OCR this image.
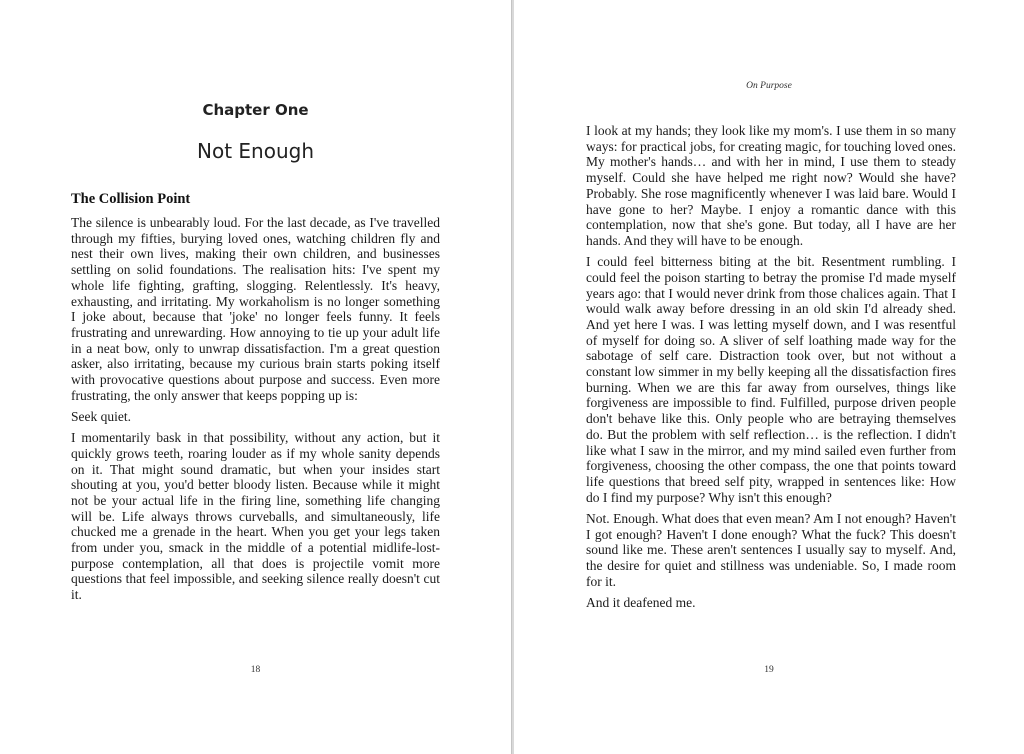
Chapter One
Not Enough
The Collision Point

The silence is unbearably loud. For the last decade, as I've travelled through my fifties, burying loved ones, watching children fly and nest their own lives, making their own children, and businesses settling on solid foundations. The realisation hits: I've spent my whole life fighting, grafting, slogging. Relentlessly. It's heavy, exhausting, and irritating. My workaholism is no longer something I joke about, because that 'joke' no longer feels funny. It feels frustrating and unrewarding. How annoying to tie up your adult life in a neat bow, only to unwrap dissatisfaction. I'm a great question asker, also irritating, because my curious brain starts poking itself with provocative questions about purpose and success. Even more frustrating, the only answer that keeps popping up is:

Seek quiet.

I momentarily bask in that possibility, without any action, but it quickly grows teeth, roaring louder as if my whole sanity depends on it. That might sound dramatic, but when your insides start shouting at you, you'd better bloody listen. Because while it might not be your actual life in the firing line, something life changing will be. Life always throws curveballs, and simultaneously, life chucked me a grenade in the heart. When you get your legs taken from under you, smack in the middle of a potential midlife-lost-purpose contemplation, all that does is projectile vomit more questions that feel impossible, and seeking silence really doesn't cut it.

18
On Purpose

I look at my hands; they look like my mom's. I use them in so many ways: for practical jobs, for creating magic, for touching loved ones. My mother's hands… and with her in mind, I use them to steady myself. Could she have helped me right now? Would she have? Probably. She rose magnificently whenever I was laid bare. Would I have gone to her? Maybe. I enjoy a romantic dance with this contemplation, now that she's gone. But today, all I have are her hands. And they will have to be enough.

I could feel bitterness biting at the bit. Resentment rumbling. I could feel the poison starting to betray the promise I'd made myself years ago: that I would never drink from those chalices again. That I would walk away before dressing in an old skin I'd already shed. And yet here I was. I was letting myself down, and I was resentful of myself for doing so. A sliver of self loathing made way for the sabotage of self care. Distraction took over, but not without a constant low simmer in my belly keeping all the dissatisfaction fires burning. When we are this far away from ourselves, things like forgiveness are impossible to find. Fulfilled, purpose driven people don't behave like this. Only people who are betraying themselves do. But the problem with self reflection… is the reflection. I didn't like what I saw in the mirror, and my mind sailed even further from forgiveness, choosing the other compass, the one that points toward life questions that breed self pity, wrapped in sentences like: How do I find my purpose? Why isn't this enough?

Not. Enough. What does that even mean? Am I not enough? Haven't I got enough? Haven't I done enough? What the fuck? This doesn't sound like me. These aren't sentences I usually say to myself. And, the desire for quiet and stillness was undeniable. So, I made room for it.

And it deafened me.

19
